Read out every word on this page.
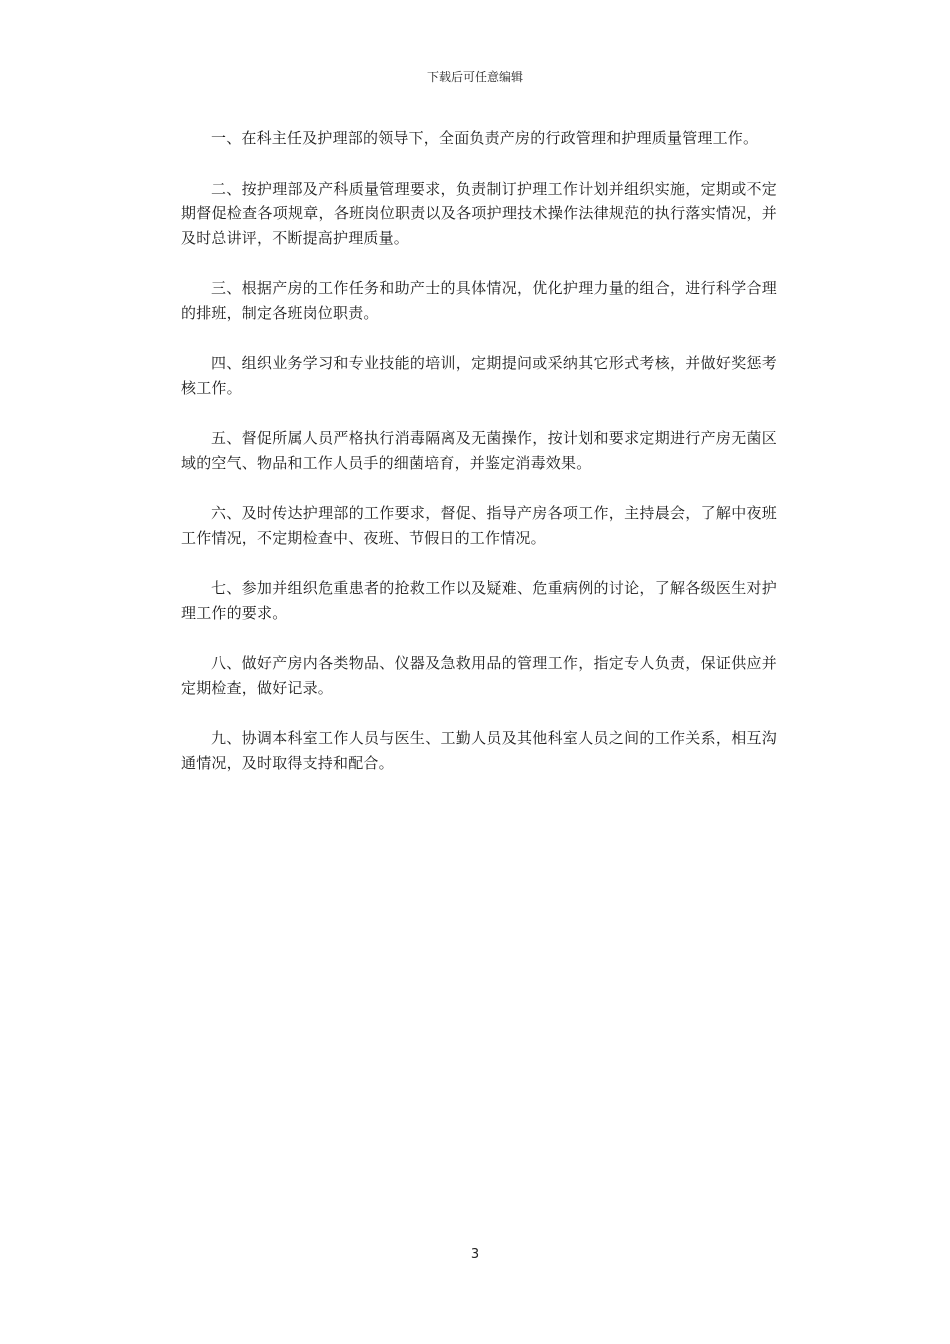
下载后可任意编辑

一、在科主任及护理部的领导下，全面负责产房的行政管理和护理质量管理工作。

二、按护理部及产科质量管理要求，负责制订护理工作计划并组织实施，定期或不定期督促检查各项规章，各班岗位职责以及各项护理技术操作法律规范的执行落实情况，并及时总讲评，不断提高护理质量。

三、根据产房的工作任务和助产士的具体情况，优化护理力量的组合，进行科学合理的排班，制定各班岗位职责。

四、组织业务学习和专业技能的培训，定期提问或采纳其它形式考核，并做好奖惩考核工作。

五、督促所属人员严格执行消毒隔离及无菌操作，按计划和要求定期进行产房无菌区域的空气、物品和工作人员手的细菌培育，并鉴定消毒效果。

六、及时传达护理部的工作要求，督促、指导产房各项工作，主持晨会，了解中夜班工作情况，不定期检查中、夜班、节假日的工作情况。

七、参加并组织危重患者的抢救工作以及疑难、危重病例的讨论，了解各级医生对护理工作的要求。

八、做好产房内各类物品、仪器及急救用品的管理工作，指定专人负责，保证供应并定期检查，做好记录。

九、协调本科室工作人员与医生、工勤人员及其他科室人员之间的工作关系，相互沟通情况，及时取得支持和配合。

3
